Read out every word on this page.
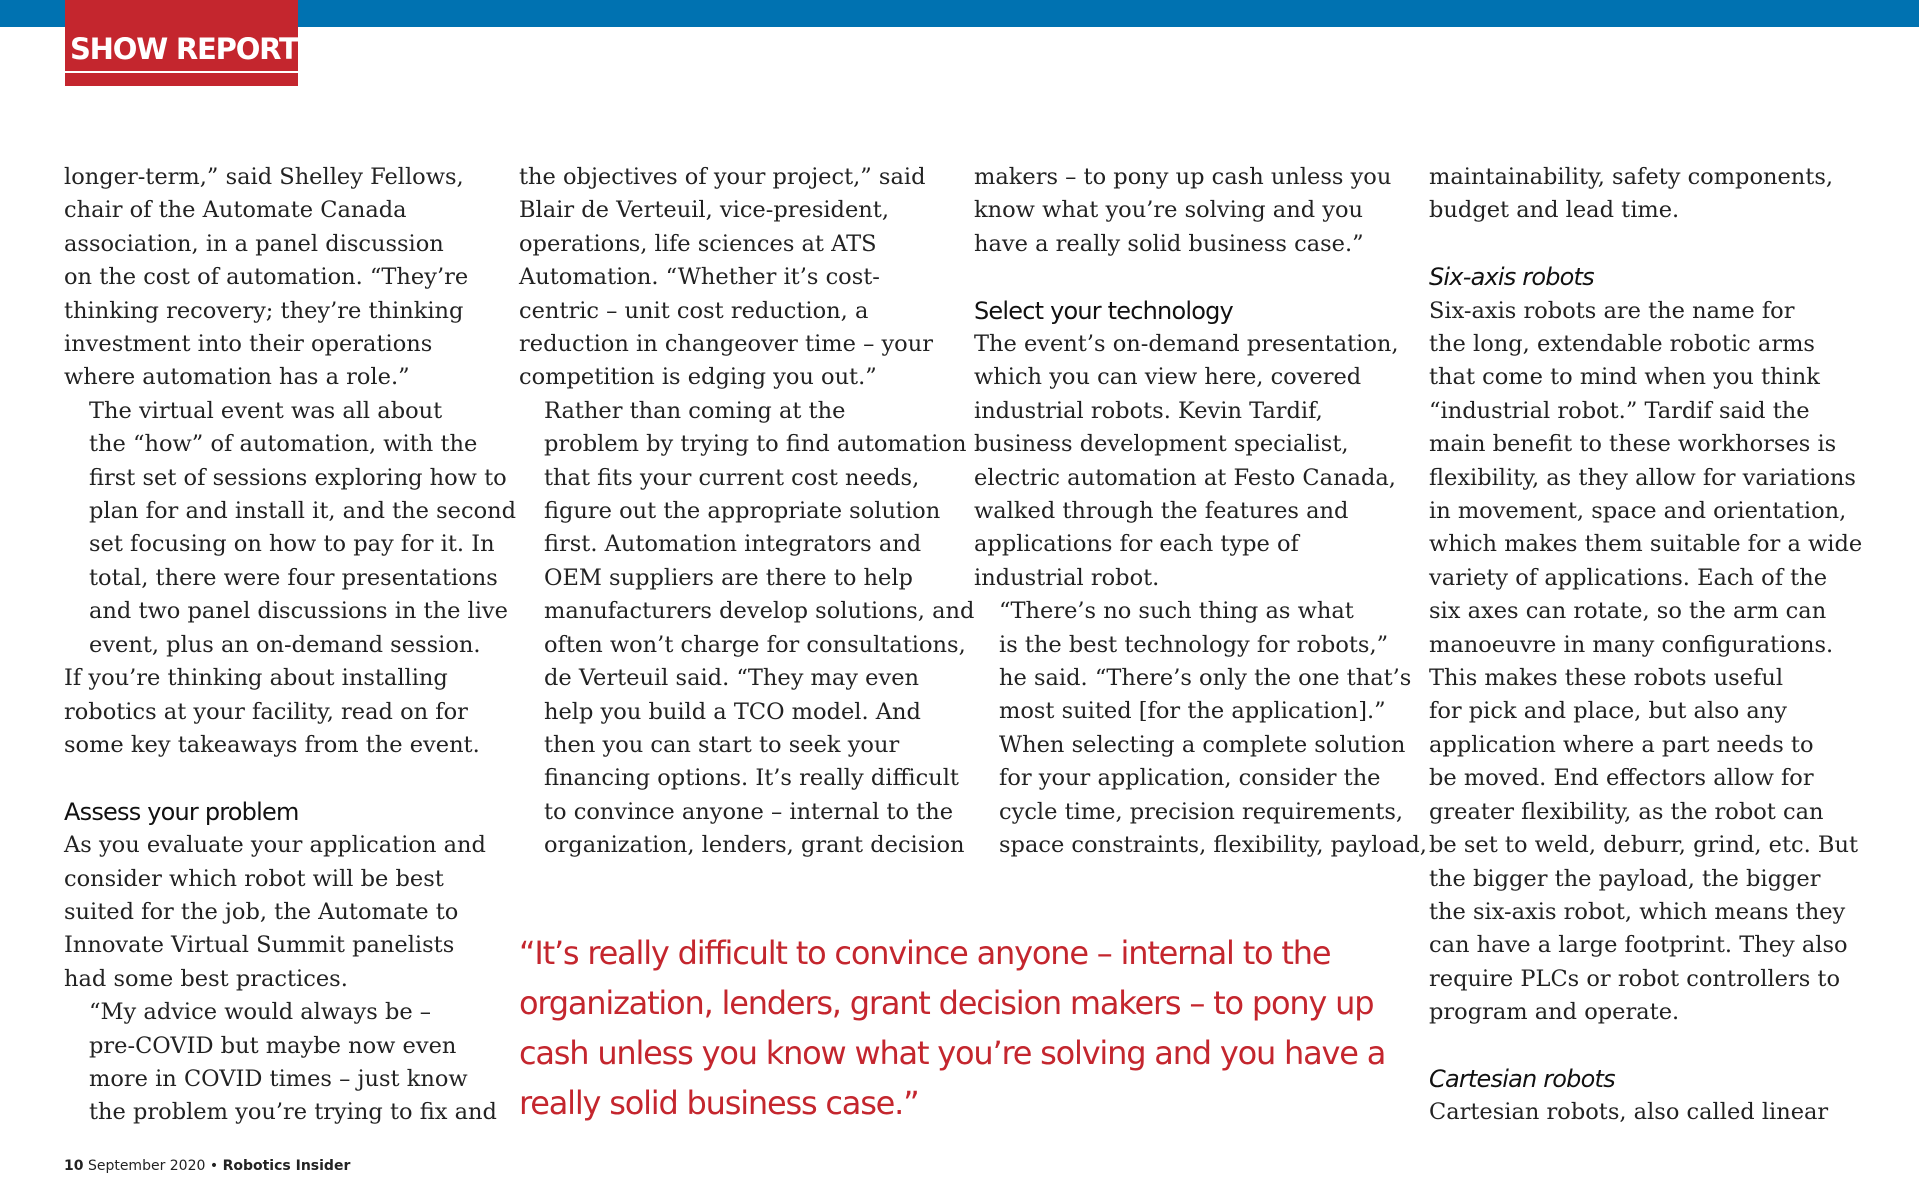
SHOW REPORT

longer-term,” said Shelley Fellows,
chair of the Automate Canada
association, in a panel discussion
on the cost of automation. “They’re
thinking recovery; they’re thinking
investment into their operations
where automation has a role.”

The virtual event was all about
the “how” of automation, with the
first set of sessions exploring how to
plan for and install it, and the second
set focusing on how to pay for it. In
total, there were four presentations
and two panel discussions in the live
event, plus an on-demand session.

If you’re thinking about installing
robotics at your facility, read on for
some key takeaways from the event.

Assess your problem

As you evaluate your application and
consider which robot will be best
suited for the job, the Automate to
Innovate Virtual Summit panelists
had some best practices.

“My advice would always be –
pre-COVID but maybe now even
more in COVID times – just know
the problem you’re trying to fix and

the objectives of your project,” said
Blair de Verteuil, vice-president,
operations, life sciences at ATS
Automation. “Whether it’s cost-
centric – unit cost reduction, a
reduction in changeover time – your
competition is edging you out.”

Rather than coming at the
problem by trying to find automation
that fits your current cost needs,
figure out the appropriate solution
first. Automation integrators and
OEM suppliers are there to help
manufacturers develop solutions, and
often won’t charge for consultations,
de Verteuil said. “They may even
help you build a TCO model. And
then you can start to seek your
financing options. It’s really difficult
to convince anyone – internal to the
organization, lenders, grant decision

makers – to pony up cash unless you
know what you’re solving and you
have a really solid business case.”

Select your technology

The event’s on-demand presentation,
which you can view here, covered
industrial robots. Kevin Tardif,
business development specialist,
electric automation at Festo Canada,
walked through the features and
applications for each type of
industrial robot.

“There’s no such thing as what
is the best technology for robots,”
he said. “There’s only the one that’s
most suited [for the application].”

When selecting a complete solution
for your application, consider the
cycle time, precision requirements,
space constraints, flexibility, payload,

maintainability, safety components,
budget and lead time.

Six-axis robots

Six-axis robots are the name for
the long, extendable robotic arms
that come to mind when you think
“industrial robot.” Tardif said the
main benefit to these workhorses is
flexibility, as they allow for variations
in movement, space and orientation,
which makes them suitable for a wide
variety of applications. Each of the
six axes can rotate, so the arm can
manoeuvre in many configurations.
This makes these robots useful
for pick and place, but also any
application where a part needs to
be moved. End effectors allow for
greater flexibility, as the robot can
be set to weld, deburr, grind, etc. But
the bigger the payload, the bigger
the six-axis robot, which means they
can have a large footprint. They also
require PLCs or robot controllers to
program and operate.

Cartesian robots

Cartesian robots, also called linear

“It’s really difficult to convince anyone – internal to the
organization, lenders, grant decision makers – to pony up
cash unless you know what you’re solving and you have a
really solid business case.”
10 September 2020 • Robotics Insider
